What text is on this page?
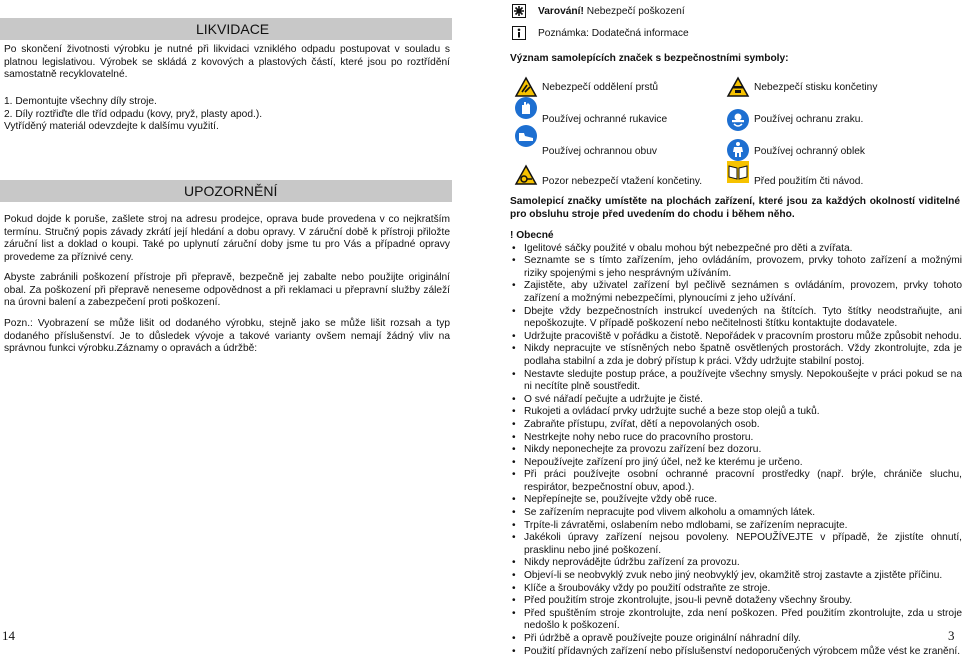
LIKVIDACE

Po skončení životnosti výrobku je nutné při likvidaci vzniklého odpadu postupovat v souladu s platnou legislativou. Výrobek se skládá z kovových a plastových částí, které jsou po roztřídění samostatně recyklovatelné.

1. Demontujte všechny díly stroje.

2. Díly roztřiďte dle tříd odpadu (kovy, pryž, plasty apod.).

Vytříděný materiál odevzdejte k dalšímu využití.

UPOZORNĚNÍ

Pokud dojde k poruše, zašlete stroj na adresu prodejce, oprava bude provedena v co nejkratším termínu. Stručný popis závady zkrátí její hledání a dobu opravy. V záruční době k přístroji přiložte záruční list a doklad o koupi. Také po uplynutí záruční doby jsme tu pro Vás a případné opravy provedeme za příznivé ceny.

Abyste zabránili poškození přístroje při přepravě, bezpečně jej zabalte nebo použijte originální obal. Za poškození při přepravě neneseme odpovědnost a při reklamaci u přepravní služby záleží na úrovni balení a zabezpečení proti poškození.

Pozn.: Vyobrazení se může lišit od dodaného výrobku, stejně jako se může lišit rozsah a typ dodaného příslušenství. Je to důsledek vývoje a takové varianty ovšem nemají žádný vliv na správnou funkci výrobku.Záznamy o opravách a údržbě:

14
Varování! Nebezpečí poškození
Poznámka: Dodatečná informace
Význam samolepících značek s bezpečnostními symboly:
Nebezpečí oddělení prstů	Nebezpečí stisku končetiny
Používej ochranné rukavice	Používej ochranu zraku.
Používej ochrannou obuv	Používej ochranný oblek
Pozor nebezpečí vtažení končetiny.	Před použitím čti návod.
Samolepicí značky umístěte na plochách zařízení, které jsou za každých okolností viditelné pro obsluhu stroje před uvedením do chodu i během něho.
! Obecné
• Igelitové sáčky použité v obalu mohou být nebezpečné pro děti a zvířata.
• Seznamte se s tímto zařízením, jeho ovládáním, provozem, prvky tohoto zařízení a možnými riziky spojenými s jeho nesprávným užíváním.
• Zajistěte, aby uživatel zařízení byl pečlivě seznámen s ovládáním, provozem, prvky tohoto zařízení a možnými nebezpečími, plynoucími z jeho užívání.
• Dbejte vždy bezpečnostních instrukcí uvedených na štítcích. Tyto štítky neodstraňujte, ani nepoškozujte. V případě poškození nebo nečitelnosti štítku kontaktujte dodavatele.
• Udržujte pracoviště v pořádku a čistotě. Nepořádek v pracovním prostoru může způsobit nehodu.
• Nikdy nepracujte ve stísněných nebo špatně osvětlených prostorách. Vždy zkontrolujte, zda je podlaha stabilní a zda je dobrý přístup k práci. Vždy udržujte stabilní postoj.
• Nestavte sledujte postup práce, a používejte všechny smysly. Nepokoušejte v práci pokud se na ni necítíte plně soustředit.
• O své nářadí pečujte a udržujte je čisté.
• Rukojeti a ovládací prvky udržujte suché a beze stop olejů a tuků.
• Zabraňte přístupu, zvířat, dětí a nepovolaných osob.
• Nestrkejte nohy nebo ruce do pracovního prostoru.
• Nikdy neponechejte za provozu zařízení bez dozoru.
• Nepoužívejte zařízení pro jiný účel, než ke kterému je určeno.
• Při práci používejte osobní ochranné pracovní prostředky (např. brýle, chrániče sluchu, respirátor, bezpečnostní obuv, apod.).
• Nepřepínejte se, používejte vždy obě ruce.
• Se zařízením nepracujte pod vlivem alkoholu a omamných látek.
• Trpíte-li závratěmi, oslabením nebo mdlobami, se zařízením nepracujte.
• Jakékoli úpravy zařízení nejsou povoleny. NEPOUŽÍVEJTE v případě, že zjistíte ohnutí, prasklinu nebo jiné poškození.
• Nikdy neprovádějte údržbu zařízení za provozu.
• Objeví-li se neobvyklý zvuk nebo jiný neobvyklý jev, okamžitě stroj zastavte a zjistěte příčinu.
• Klíče a šroubováky vždy po použití odstraňte ze stroje.
• Před použitím stroje zkontrolujte, jsou-li pevně dotaženy všechny šrouby.
• Před spuštěním stroje zkontrolujte, zda není poškozen. Před použitím zkontrolujte, zda u stroje nedošlo k poškození.
• Při údržbě a opravě používejte pouze originální náhradní díly.
• Použití přídavných zařízení nebo příslušenství nedoporučených výrobcem může vést ke zranění.
3
